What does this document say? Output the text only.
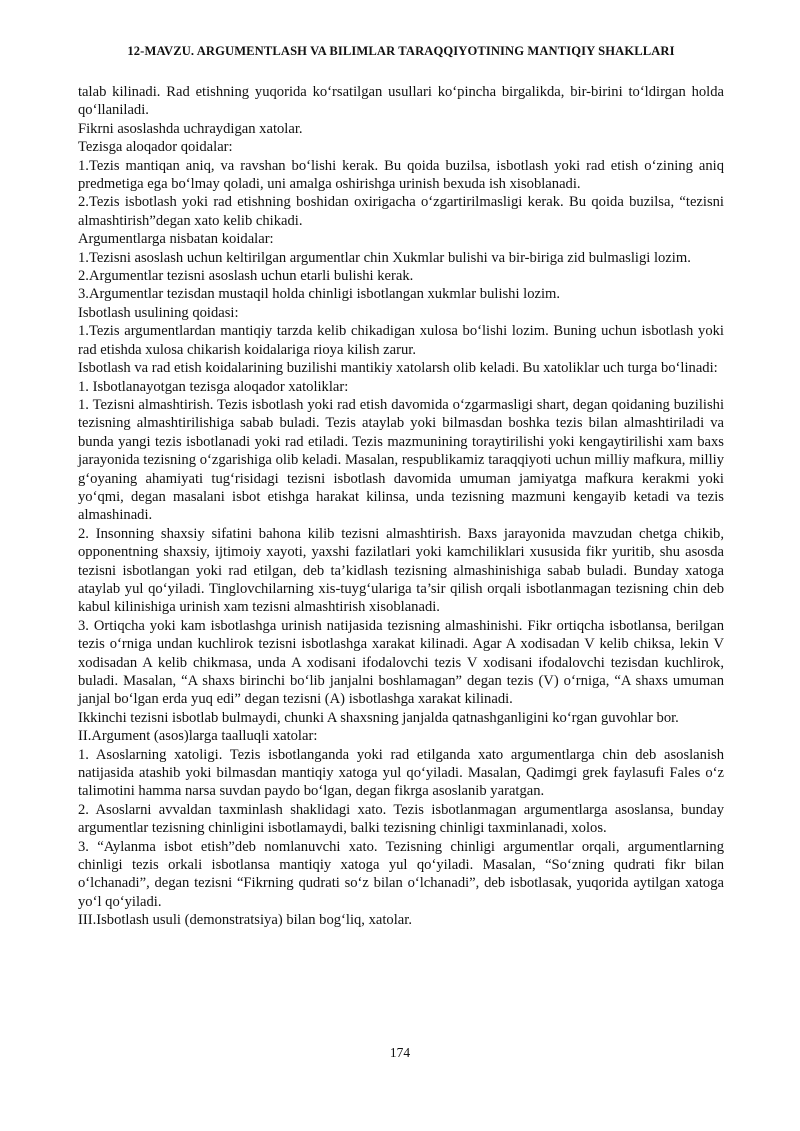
12-MAVZU. ARGUMENTLASH VA BILIMLAR TARAQQIYOTINING MANTIQIY SHAKLLARI

talab kilinadi. Rad etishning yuqorida ko‘rsatilgan usullari ko‘pincha birgalikda, bir-birini to‘ldirgan holda qo‘llaniladi.

Fikrni asoslashda uchraydigan xatolar.

Tezisga aloqador qoidalar:

1.Tezis mantiqan aniq, va ravshan bo‘lishi kerak. Bu qoida buzilsa, isbotlash yoki rad etish o‘zining aniq predmetiga ega bo‘lmay qoladi, uni amalga oshirishga urinish bexuda ish xisoblanadi.

2.Tezis isbotlash yoki rad etishning boshidan oxirigacha o‘zgartirilmasligi kerak. Bu qoida buzilsa, “tezisni almashtirish”degan xato kelib chikadi.

Argumentlarga nisbatan koidalar:

1.Tezisni asoslash uchun keltirilgan argumentlar chin Xukmlar bulishi va bir-biriga zid bulmasligi lozim.

2.Argumentlar tezisni asoslash uchun etarli bulishi kerak.

3.Argumentlar tezisdan mustaqil holda chinligi isbotlangan xukmlar bulishi lozim.

Isbotlash usulining qoidasi:

1.Tezis argumentlardan mantiqiy tarzda kelib chikadigan xulosa bo‘lishi lozim. Buning uchun isbotlash yoki rad etishda xulosa chikarish koidalariga rioya kilish zarur.

Isbotlash va rad etish koidalarining buzilishi mantikiy xatolarsh olib keladi. Bu xatoliklar uch turga bo‘linadi:

1. Isbotlanayotgan tezisga aloqador xatoliklar:

1. Tezisni almashtirish. Tezis isbotlash yoki rad etish davomida o‘zgarmasligi shart, degan qoidaning buzilishi tezisning almashtirilishiga sabab buladi. Tezis ataylab yoki bilmasdan boshka tezis bilan almashtiriladi va bunda yangi tezis isbotlanadi yoki rad etiladi. Tezis mazmunining toraytirilishi yoki kengaytirilishi xam baxs jarayonida tezisning o‘zgarishiga olib keladi. Masalan, respublikamiz taraqqiyoti uchun milliy mafkura, milliy g‘oyaning ahamiyati tug‘risidagi tezisni isbotlash davomida umuman jamiyatga mafkura kerakmi yoki yo‘qmi, degan masalani isbot etishga harakat kilinsa, unda tezisning mazmuni kengayib ketadi va tezis almashinadi.

2. Insonning shaxsiy sifatini bahona kilib tezisni almashtirish. Baxs jarayonida mavzudan chetga chikib, opponentning shaxsiy, ijtimoiy xayoti, yaxshi fazilatlari yoki kamchiliklari xususida fikr yuritib, shu asosda tezisni isbotlangan yoki rad etilgan, deb ta’kidlash tezisning almashinishiga sabab buladi. Bunday xatoga ataylab yul qo‘yiladi. Tinglovchilarning xis-tuyg‘ulariga ta’sir qilish orqali isbotlanmagan tezisning chin deb kabul kilinishiga urinish xam tezisni almashtirish xisoblanadi.

3. Ortiqcha yoki kam isbotlashga urinish natijasida tezisning almashinishi. Fikr ortiqcha isbotlansa, berilgan tezis o‘rniga undan kuchlirok tezisni isbotlashga xarakat kilinadi. Agar A xodisadan V kelib chiksa, lekin V xodisadan A kelib chikmasa, unda A xodisani ifodalovchi tezis V xodisani ifodalovchi tezisdan kuchlirok, buladi. Masalan, “A shaxs birinchi bo‘lib janjalni boshlamagan” degan tezis (V) o‘rniga, “A shaxs umuman janjal bo‘lgan erda yuq edi” degan tezisni (A) isbotlashga xarakat kilinadi.

Ikkinchi tezisni isbotlab bulmaydi, chunki A shaxsning janjalda qatnashganligini ko‘rgan guvohlar bor.

II.Argument (asos)larga taalluqli xatolar:

1. Asoslarning xatoligi. Tezis isbotlanganda yoki rad etilganda xato argumentlarga chin deb asoslanish natijasida atashib yoki bilmasdan mantiqiy xatoga yul qo‘yiladi. Masalan, Qadimgi grek faylasufi Fales o‘z talimotini hamma narsa suvdan paydo bo‘lgan, degan fikrga asoslanib yaratgan.

2. Asoslarni avvaldan taxminlash shaklidagi xato. Tezis isbotlanmagan argumentlarga asoslansa, bunday argumentlar tezisning chinligini isbotlamaydi, balki tezisning chinligi taxminlanadi, xolos.

3. “Aylanma isbot etish”deb nomlanuvchi xato. Tezisning chinligi argumentlar orqali, argumentlarning chinligi tezis orkali isbotlansa mantiqiy xatoga yul qo‘yiladi. Masalan, “So‘zning qudrati fikr bilan o‘lchanadi”, degan tezisni “Fikrning qudrati so‘z bilan o‘lchanadi”, deb isbotlasak, yuqorida aytilgan xatoga yo‘l qo‘yiladi.

III.Isbotlash usuli (demonstratsiya) bilan bog‘liq, xatolar.

174
